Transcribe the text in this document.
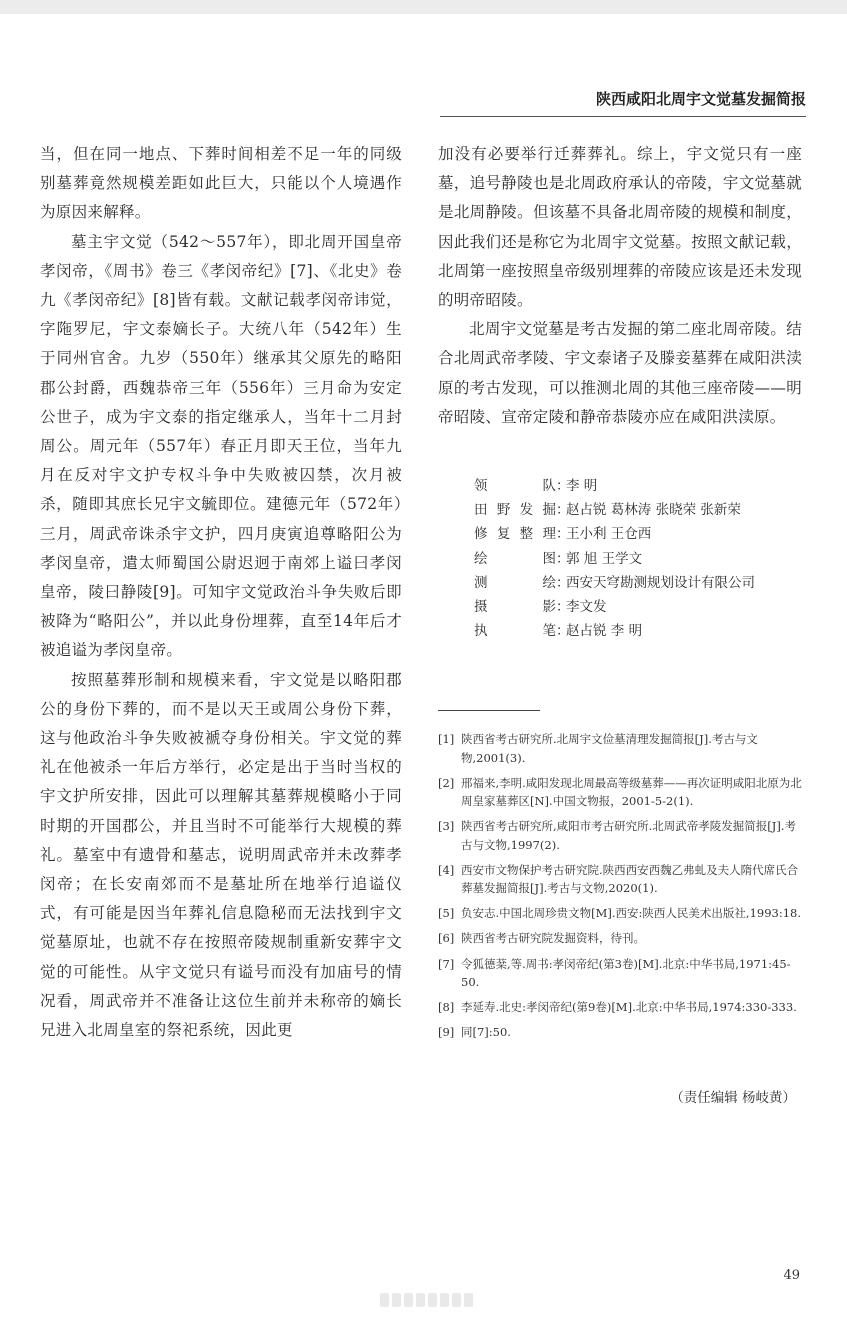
陕西咸阳北周宇文觉墓发掘简报

当，但在同一地点、下葬时间相差不足一年的同级别墓葬竟然规模差距如此巨大，只能以个人境遇作为原因来解释。

墓主宇文觉（542～557年），即北周开国皇帝孝闵帝，《周书》卷三《孝闵帝纪》[7]、《北史》卷九《孝闵帝纪》[8]皆有载。文献记载孝闵帝讳觉，字陁罗尼，宇文泰嫡长子。大统八年（542年）生于同州官舍。九岁（550年）继承其父原先的略阳郡公封爵，西魏恭帝三年（556年）三月命为安定公世子，成为宇文泰的指定继承人，当年十二月封周公。周元年（557年）春正月即天王位，当年九月在反对宇文护专权斗争中失败被囚禁，次月被杀，随即其庶长兄宇文毓即位。建德元年（572年）三月，周武帝诛杀宇文护，四月庚寅追尊略阳公为孝闵皇帝，遣太师蜀国公尉迟迥于南郊上谥曰孝闵皇帝，陵曰静陵[9]。可知宇文觉政治斗争失败后即被降为“略阳公”，并以此身份埋葬，直至14年后才被追谥为孝闵皇帝。

按照墓葬形制和规模来看，宇文觉是以略阳郡公的身份下葬的，而不是以天王或周公身份下葬，这与他政治斗争失败被褫夺身份相关。宇文觉的葬礼在他被杀一年后方举行，必定是出于当时当权的宇文护所安排，因此可以理解其墓葬规模略小于同时期的开国郡公，并且当时不可能举行大规模的葬礼。墓室中有遗骨和墓志，说明周武帝并未改葬孝闵帝；在长安南郊而不是墓址所在地举行追谥仪式，有可能是因当年葬礼信息隐秘而无法找到宇文觉墓原址，也就不存在按照帝陵规制重新安葬宇文觉的可能性。从宇文觉只有谥号而没有加庙号的情况看，周武帝并不准备让这位生前并未称帝的嫡长兄进入北周皇室的祭祀系统，因此更

加没有必要举行迁葬葬礼。综上，宇文觉只有一座墓，追号静陵也是北周政府承认的帝陵，宇文觉墓就是北周静陵。但该墓不具备北周帝陵的规模和制度，因此我们还是称它为北周宇文觉墓。按照文献记载，北周第一座按照皇帝级别埋葬的帝陵应该是还未发现的明帝昭陵。

北周宇文觉墓是考古发掘的第二座北周帝陵。结合北周武帝孝陵、宇文泰诸子及滕妾墓葬在咸阳洪渎原的考古发现，可以推测北周的其他三座帝陵——明帝昭陵、宣帝定陵和静帝恭陵亦应在咸阳洪渎原。

领队 ：
李 明
田野发掘 ：
赵占锐 葛林涛 张晓荣 张新荣
修复整理 ：
王小利 王仓西
绘图 ：
郭 旭 王学文
测绘 ：
西安天穹勘测规划设计有限公司
摄影 ：
李文发
执笔 ：
赵占锐 李 明
[1] 陕西省考古研究所.北周宇文俭墓清理发掘简报[J].考古与文物,2001(3).
[2] 邢福来,李明.咸阳发现北周最高等级墓葬——再次证明咸阳北原为北周皇家墓葬区[N].中国文物报，2001-5-2(1).
[3] 陕西省考古研究所,咸阳市考古研究所.北周武帝孝陵发掘简报[J].考古与文物,1997(2).
[4] 西安市文物保护考古研究院.陕西西安西魏乙弗虬及夫人隋代席氏合葬墓发掘简报[J].考古与文物,2020(1).
[5] 负安志.中国北周珍贵文物[M].西安:陕西人民美术出版社,1993:18.
[6] 陕西省考古研究院发掘资料，待刊。
[7] 令狐德棻,等.周书:孝闵帝纪(第3卷)[M].北京:中华书局,1971:45-50.
[8] 李延寿.北史:孝闵帝纪(第9卷)[M].北京:中华书局,1974:330-333.
[9] 同[7]:50.
（责任编辑 杨岐黄）
49
